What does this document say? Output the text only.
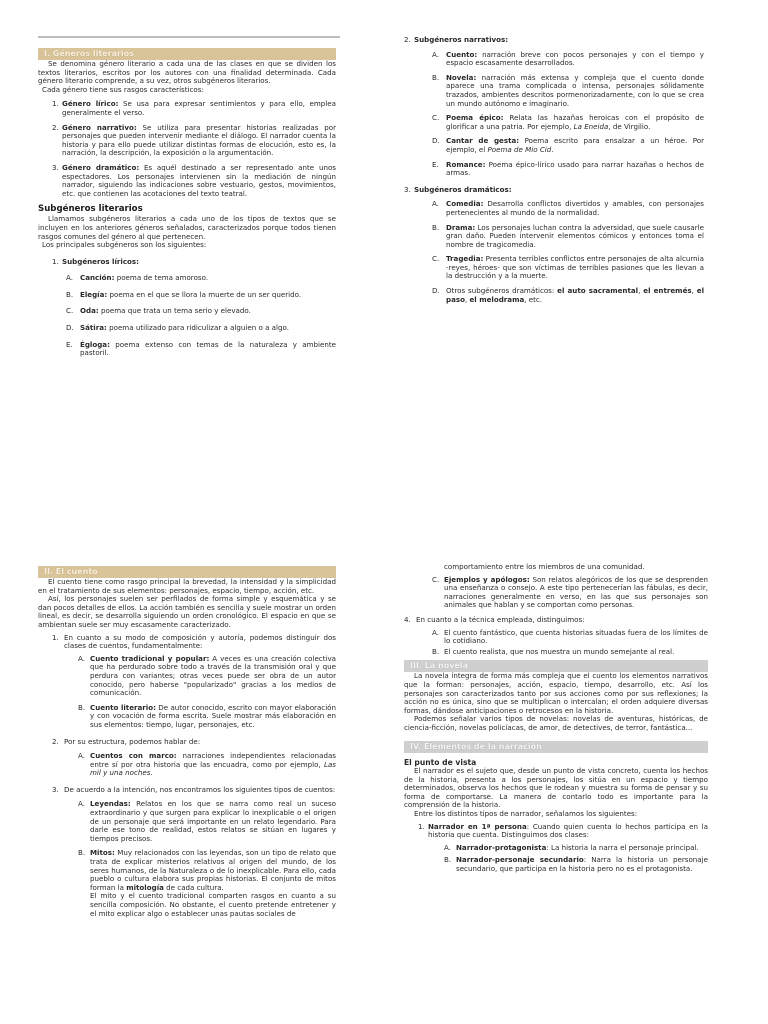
I. Géneros literarios

Se denomina género literario a cada una de las clases en que se dividen los textos literarios, escritos por los autores con una finalidad determinada. Cada género literario comprende, a su vez, otros subgéneros literarios.

Cada género tiene sus rasgos característicos:

1. Género lírico: Se usa para expresar sentimientos y para ello, emplea generalmente el verso.
2. Género narrativo: Se utiliza para presentar historias realizadas por personajes que pueden intervenir mediante el diálogo. El narrador cuenta la historia y para ello puede utilizar distintas formas de elocución, esto es, la narración, la descripción, la exposición o la argumentación.
3. Género dramático: Es aquél destinado a ser representado ante unos espectadores. Los personajes intervienen sin la mediación de ningún narrador, siguiendo las indicaciones sobre vestuario, gestos, movimientos, etc. que contienen las acotaciones del texto teatral.
Subgéneros literarios

Llamamos subgéneros literarios a cada uno de los tipos de textos que se incluyen en los anteriores géneros señalados, caracterizados porque todos tienen rasgos comunes del género al que pertenecen.

Los principales subgéneros son los siguientes:

1. Subgéneros líricos:
A. Canción: poema de tema amoroso.
B. Elegía: poema en el que se llora la muerte de un ser querido.
C. Oda: poema que trata un tema serio y elevado.
D. Sátira: poema utilizado para ridiculizar a alguien o a algo.
E.	Égloga: poema extenso con temas de la naturaleza y ambiente pastoril.
2. Subgéneros narrativos:
A. Cuento: narración breve con pocos personajes y con el tiempo y espacio escasamente desarrollados.
B. Novela: narración más extensa y compleja que el cuento donde aparece una trama complicada o intensa, personajes sólidamente trazados, ambientes descritos pormenorizadamente, con lo que se crea un mundo autónomo e imaginario.
C. Poema épico: Relata las hazañas heroicas con el propósito de glorificar a una patria. Por ejemplo, La Eneida, de Virgilio.
D. Cantar de gesta: Poema escrito para ensalzar a un héroe. Por ejemplo, el Poema de Mio Cid.
E.	Romance: Poema épico-lírico usado para narrar hazañas o hechos de armas.
3. Subgéneros dramáticos:
A. Comedia: Desarrolla conflictos divertidos y amables, con personajes pertenecientes al mundo de la normalidad.
B. Drama: Los personajes luchan contra la adversidad, que suele causarle gran daño. Pueden intervenir elementos cómicos y entonces toma el nombre de tragicomedia.
C. Tragedia: Presenta terribles conflictos entre personajes de alta alcurnia -reyes, héroes- que son víctimas de terribles pasiones que les llevan a la destrucción y a la muerte.
D. Otros subgéneros dramáticos: el auto sacramental, el entremés, el paso, el melodrama, etc.
II. El cuento

El cuento tiene como rasgo principal la brevedad, la intensidad y la simplicidad en el tratamiento de sus elementos: personajes, espacio, tiempo, acción, etc.

Así, los personajes suelen ser perfilados de forma simple y esquemática y se dan pocos detalles de ellos. La acción también es sencilla y suele mostrar un orden lineal, es decir, se desarrolla siguiendo un orden cronológico. El espacio en que se ambientan suele ser muy escasamente caracterizado.

1. En cuanto a su modo de composición y autoría, podemos distinguir dos clases de cuentos, fundamentalmente:
A. Cuento tradicional y popular: A veces es una creación colectiva que ha perdurado sobre todo a través de la transmisión oral y que perdura con variantes; otras veces puede ser obra de un autor conocido, pero haberse "popularizado" gracias a los medios de comunicación.
B. Cuento literario: De autor conocido, escrito con mayor elaboración y con vocación de forma escrita. Suele mostrar más elaboración en sus elementos: tiempo, lugar, personajes, etc.
2. Por su estructura, podemos hablar de:
A. Cuentos con marco: narraciones independientes relacionadas entre sí por otra historia que las encuadra, como por ejemplo, Las mil y una noches.
3. De acuerdo a la intención, nos encontramos los siguientes tipos de cuentos:
A. Leyendas: Relatos en los que se narra como real un suceso extraordinario y que surgen para explicar lo inexplicable o el origen de un personaje que será importante en un relato legendario. Para darle ese tono de realidad, estos relatos se sitúan en lugares y tiempos precisos.
B. Mitos: Muy relacionados con las leyendas, son un tipo de relato que trata de explicar misterios relativos al origen del mundo, de los seres humanos, de la Naturaleza o de lo inexplicable. Para ello, cada pueblo o cultura elabora sus propias historias. El conjunto de mitos forman la mitología de cada cultura.
El mito y el cuento tradicional comparten rasgos en cuanto a su sencilla composición. No obstante, el cuento pretende entretener y el mito explicar algo o establecer unas pautas sociales de

comportamiento entre los miembros de una comunidad.

C. Ejemplos y apólogos: Son relatos alegóricos de los que se desprenden una enseñanza o consejo. A este tipo pertenecerían las fábulas, es decir, narraciones generalmente en verso, en las que sus personajes son animales que hablan y se comportan como personas.
4. En cuanto a la técnica empleada, distinguimos:
A. El cuento fantástico, que cuenta historias situadas fuera de los límites de lo cotidiano.
B. El cuento realista, que nos muestra un mundo semejante al real.
III. La novela

La novela íntegra de forma más compleja que el cuento los elementos narrativos que la forman: personajes, acción, espacio, tiempo, desarrollo, etc. Así los personajes son caracterizados tanto por sus acciones como por sus reflexiones; la acción no es única, sino que se multiplican o intercalan; el orden adquiere diversas formas, dándose anticipaciones o retrocesos en la historia.

Podemos señalar varios tipos de novelas: novelas de aventuras, históricas, de ciencia-ficción, novelas policíacas, de amor, de detectives, de terror, fantástica...

IV. Elementos de la narración
El punto de vista

El narrador es el sujeto que, desde un punto de vista concreto, cuenta los hechos de la historia, presenta a los personajes, los sitúa en un espacio y tiempo determinados, observa los hechos que le rodean y muestra su forma de pensar y su forma de comportarse. La manera de contarlo todo es importante para la comprensión de la historia.

Entre los distintos tipos de narrador, señalamos los siguientes:

1. Narrador en 1ª persona: Cuando quien cuenta lo hechos participa en la historia que cuenta. Distinguimos dos clases:
A. Narrador-protagonista: La historia la narra el personaje principal.
B. Narrador-personaje secundario: Narra la historia un personaje secundario, que participa en la historia pero no es el protagonista.
